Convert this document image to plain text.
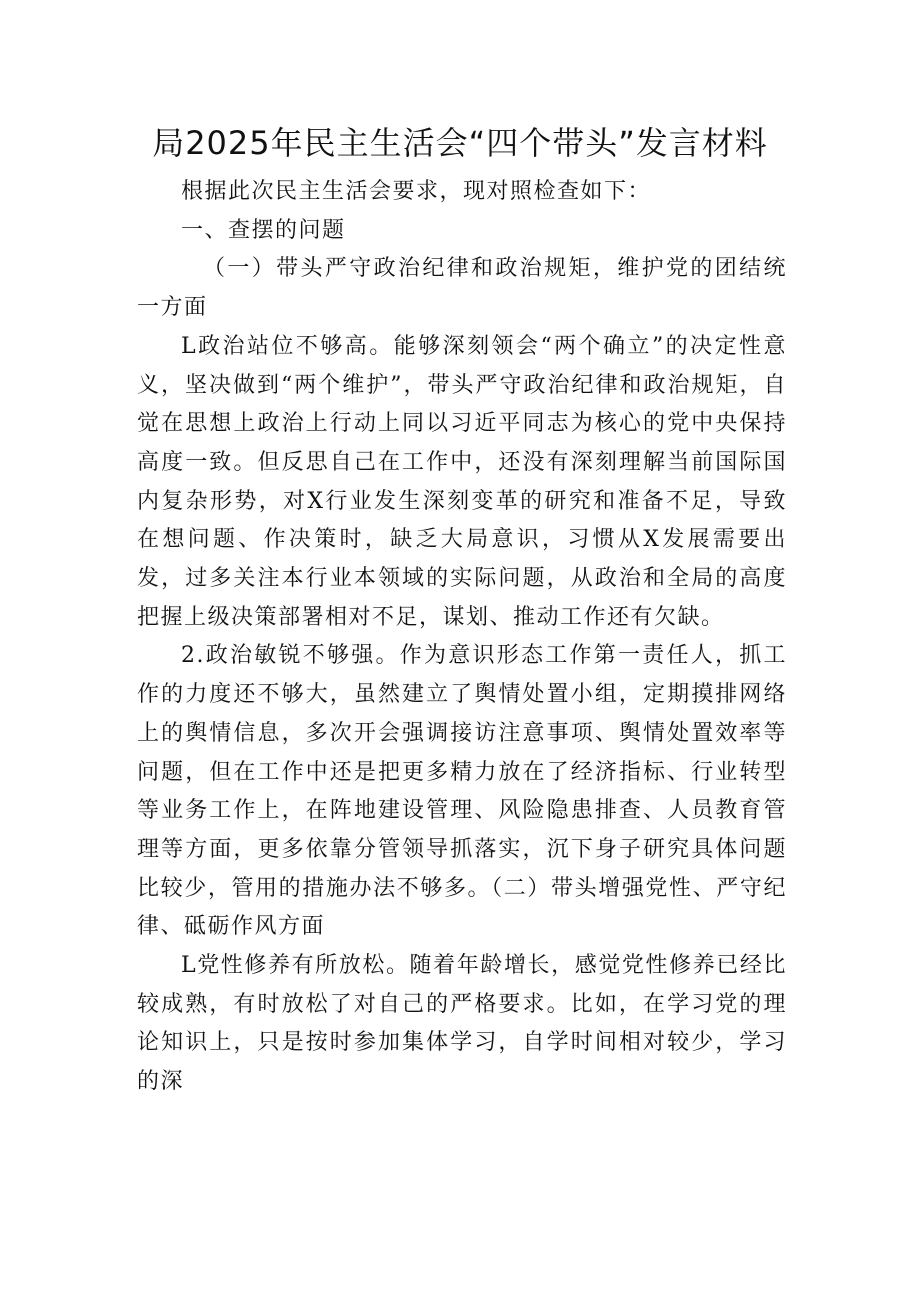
局2025年民主生活会“四个带头”发言材料

根据此次民主生活会要求，现对照检查如下：

一、查摆的问题

（一）带头严守政治纪律和政治规矩，维护党的团结统一方面

L政治站位不够高。能够深刻领会“两个确立”的决定性意义，坚决做到“两个维护”，带头严守政治纪律和政治规矩，自觉在思想上政治上行动上同以习近平同志为核心的党中央保持高度一致。但反思自己在工作中，还没有深刻理解当前国际国内复杂形势，对X行业发生深刻变革的研究和准备不足，导致在想问题、作决策时，缺乏大局意识，习惯从X发展需要出发，过多关注本行业本领域的实际问题，从政治和全局的高度把握上级决策部署相对不足，谋划、推动工作还有欠缺。

2.政治敏锐不够强。作为意识形态工作第一责任人，抓工作的力度还不够大，虽然建立了舆情处置小组，定期摸排网络上的舆情信息，多次开会强调接访注意事项、舆情处置效率等问题，但在工作中还是把更多精力放在了经济指标、行业转型等业务工作上，在阵地建设管理、风险隐患排查、人员教育管理等方面，更多依靠分管领导抓落实，沉下身子研究具体问题比较少，管用的措施办法不够多。（二）带头增强党性、严守纪律、砥砺作风方面

L党性修养有所放松。随着年龄增长，感觉党性修养已经比较成熟，有时放松了对自己的严格要求。比如，在学习党的理论知识上，只是按时参加集体学习，自学时间相对较少，学习的深
